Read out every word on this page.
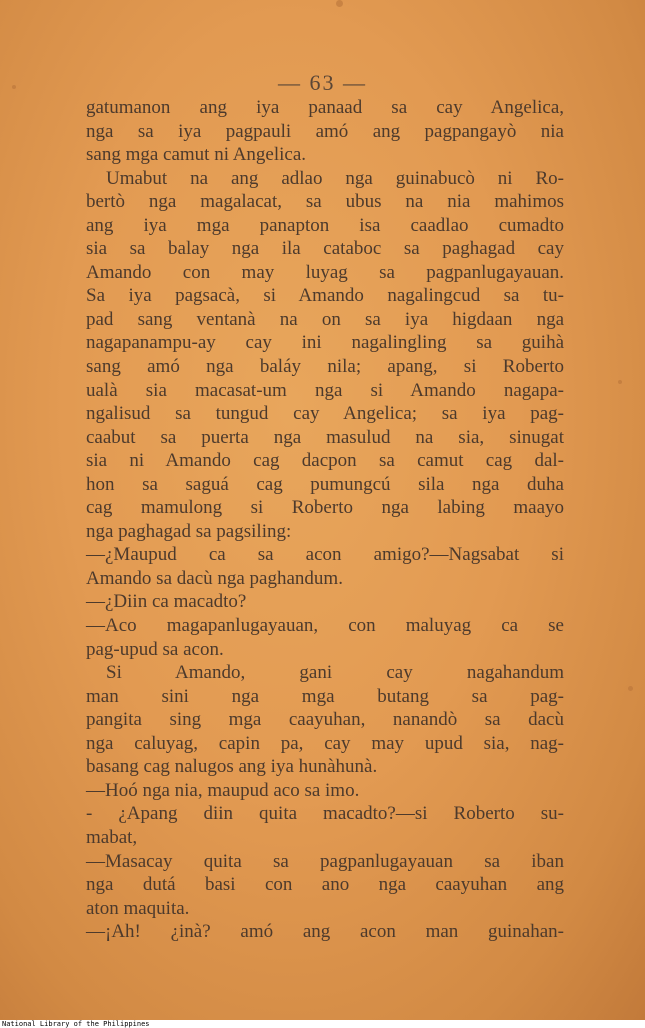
— 63 —
gatumanon ang iya panaad sa cay Angelica,
nga sa iya pagpauli amó ang pagpangayò nia
sang mga camut ni Angelica.
Umabut na ang adlao nga guinabucò ni Ro-
bertò nga magalacat, sa ubus na nia mahimos
ang iya mga panapton isa caadlao cumadto
sia sa balay nga ila cataboc sa paghagad cay
Amando con may luyag sa pagpanlugayauan.
Sa iya pagsacà, si Amando nagalingcud sa tu-
pad sang ventanà na on sa iya higdaan nga
nagapanampu-ay cay ini nagalingling sa guihà
sang amó nga baláy nila; apang, si Roberto
ualà sia macasat-um nga si Amando nagapa-
ngalisud sa tungud cay Angelica; sa iya pag-
caabut sa puerta nga masulud na sia, sinugat
sia ni Amando cag dacpon sa camut cag dal-
hon sa saguá cag pumungcú sila nga duha
cag mamulong si Roberto nga labing maayo
nga paghagad sa pagsiling:
—¿Maupud ca sa acon amigo?—Nagsabat si
Amando sa dacù nga paghandum.
—¿Diin ca macadto?
—Aco magapanlugayauan, con maluyag ca se
pag-upud sa acon.
Si Amando, gani cay nagahandum
man sini nga mga butang sa pag-
pangita sing mga caayuhan, nanandò sa dacù
nga caluyag, capin pa, cay may upud sia, nag-
basang cag nalugos ang iya hunàhunà.
—Hoó nga nia, maupud aco sa imo.
- ¿Apang diin quita macadto?—si Roberto su-
mabat,
—Masacay quita sa pagpanlugayauan sa iban
nga dutá basi con ano nga caayuhan ang
aton maquita.
—¡Ah! ¿inà? amó ang acon man guinahan-
National Library of the Philippines
